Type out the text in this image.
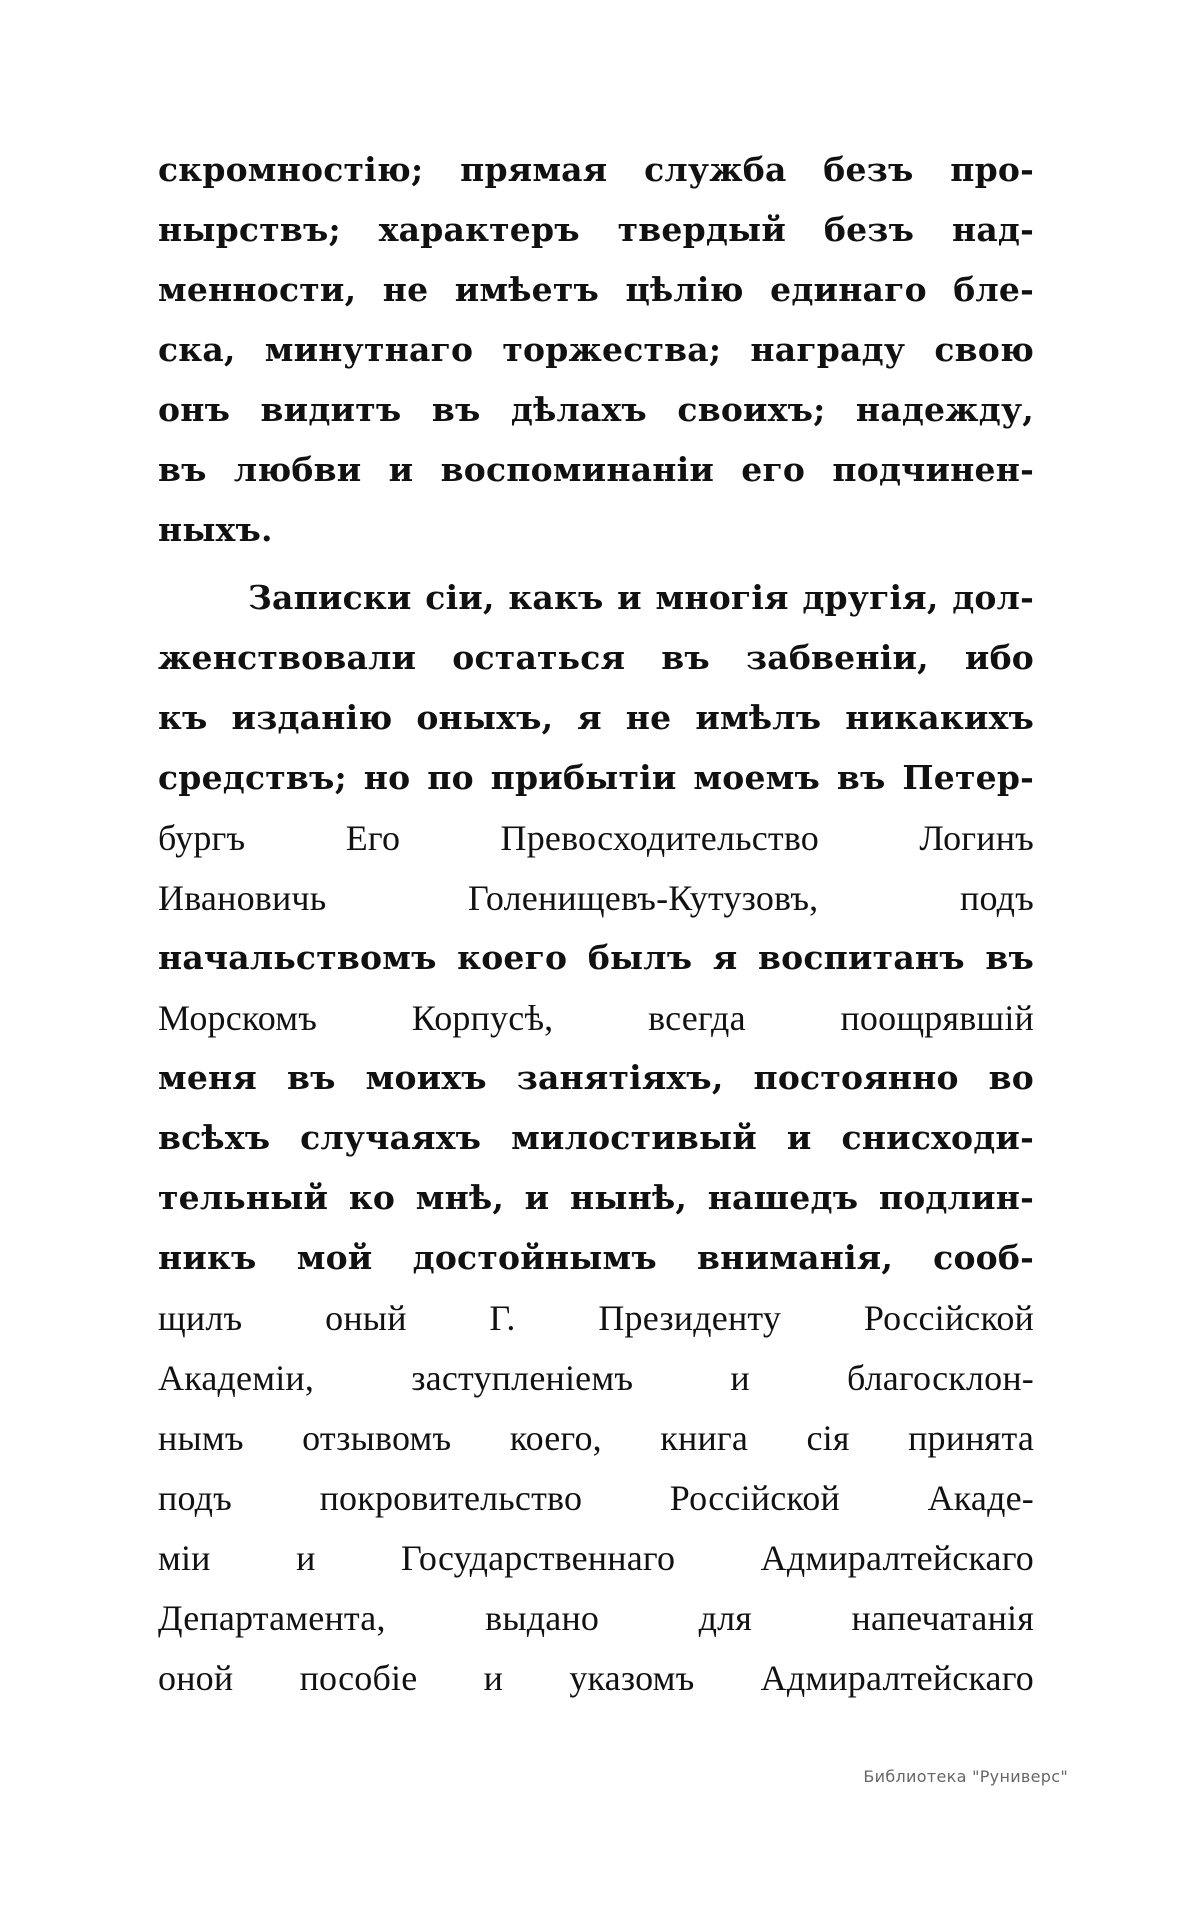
скромностію; прямая служба безъ про-
нырствъ; характеръ твердый безъ над-
менности, не имѣетъ цѣлію единаго бле-
ска, минутнаго торжества; награду свою
онъ видитъ въ дѣлахъ своихъ; надежду,
въ любви и воспоминаніи его подчинен-
ныхъ.
Записки сіи, какъ и многія другія, дол-
женствовали остаться въ забвеніи, ибо
къ изданію оныхъ, я не имѣлъ никакихъ
средствъ; но по прибытіи моемъ въ Петер-
бургъ Его Превосходительство Логинъ
Ивановичь Голенищевъ-Кутузовъ, подъ
начальствомъ коего былъ я воспитанъ въ
Морскомъ Корпусѣ, всегда поощрявшій
меня въ моихъ занятіяхъ, постоянно во
всѣхъ случаяхъ милостивый и снисходи-
тельный ко мнѣ, и нынѣ, нашедъ подлин-
никъ мой достойнымъ вниманія, сооб-
щилъ оный Г. Президенту Россійской
Академіи, заступленіемъ и благосклон-
нымъ отзывомъ коего, книга сія принята
подъ покровительство Россійской Акаде-
міи и Государственнаго Адмиралтейскаго
Департамента, выдано для напечатанія
оной пособіе и указомъ Адмиралтейскаго
Библиотека "Руниверс"
